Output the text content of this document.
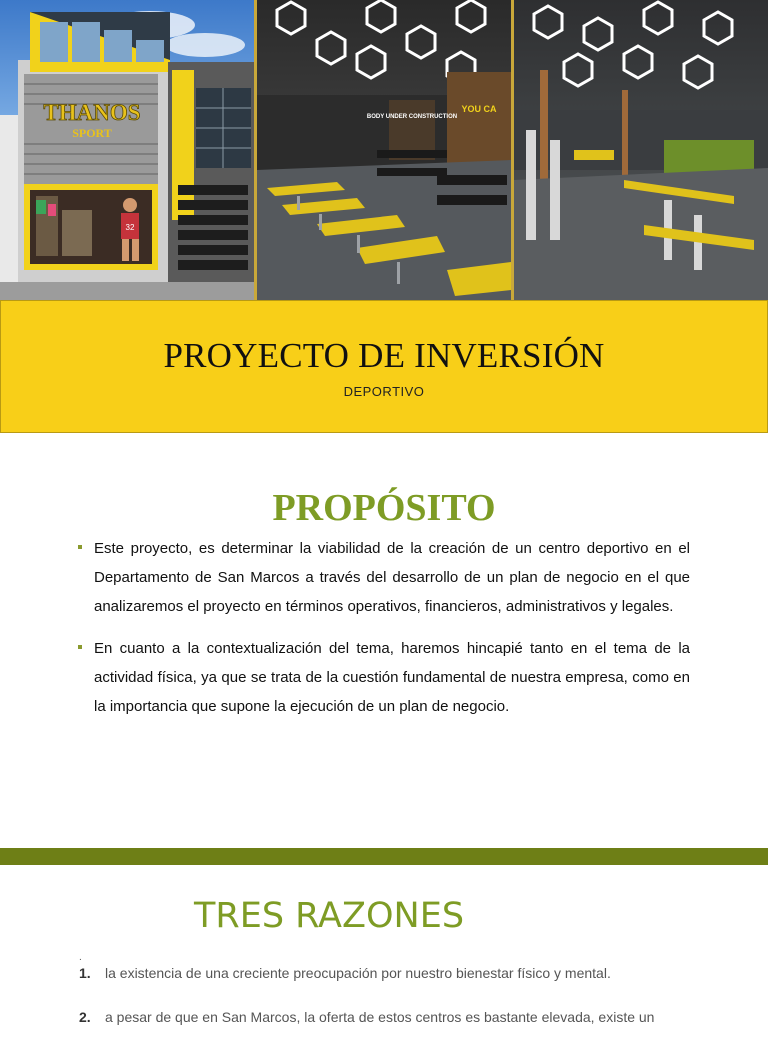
THANOS
SPORT
32
YOU CA
BODY UNDER CONSTRUCTION
PROYECTO DE INVERSIÓN
DEPORTIVO
PROPÓSITO
Este proyecto, es determinar la viabilidad de la creación de un centro deportivo en el Departamento de San Marcos a través del desarrollo de un plan de negocio en el que analizaremos el proyecto en términos operativos, financieros, administrativos y legales.
En cuanto a la contextualización del tema, haremos hincapié tanto en el tema de la actividad física, ya que se trata de la cuestión fundamental de nuestra empresa, como en la importancia que supone la ejecución de un plan de negocio.
TRES RAZONES
.
1. la existencia de una creciente preocupación por nuestro bienestar físico y mental.
2. a pesar de que en San Marcos, la oferta de estos centros es bastante elevada, existe un
